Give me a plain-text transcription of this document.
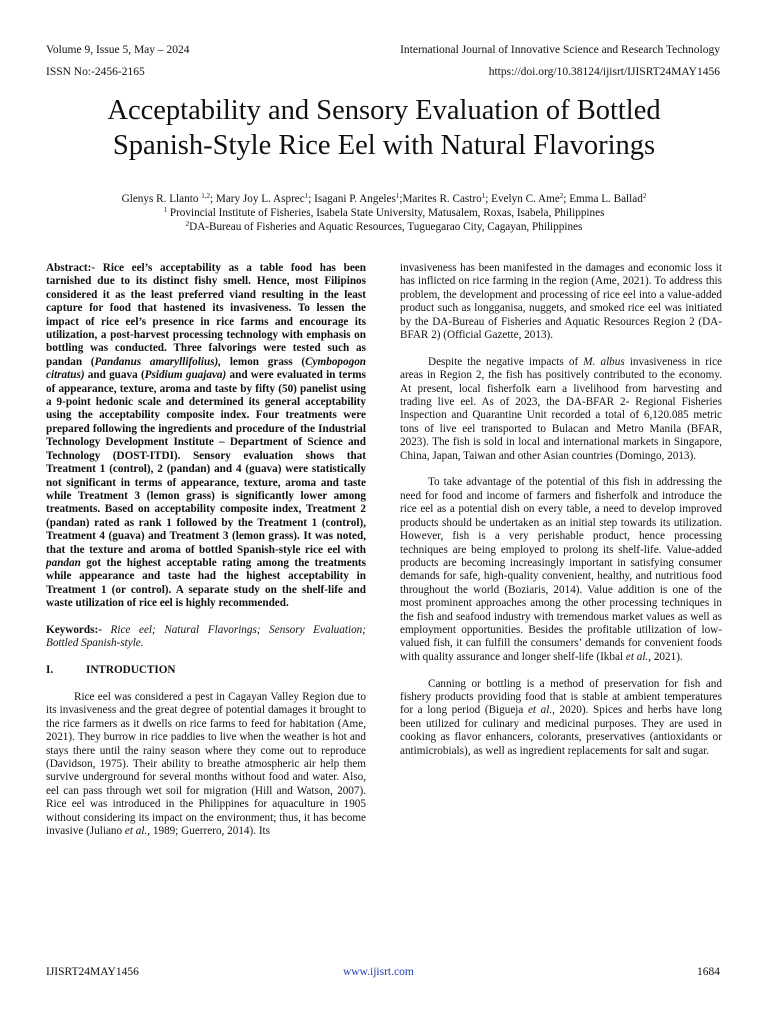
Volume 9, Issue 5, May – 2024
ISSN No:-2456-2165
International Journal of Innovative Science and Research Technology
https://doi.org/10.38124/ijisrt/IJISRT24MAY1456
Acceptability and Sensory Evaluation of Bottled
Spanish-Style Rice Eel with Natural Flavorings
Glenys R. Llanto $^{1,2}$; Mary Joy L. Asprec$^1$; Isagani P. Angeles$^1$;Marites R. Castro$^1$; Evelyn C. Ame$^2$; Emma L. Ballad$^2$
$^1$ Provincial Institute of Fisheries, Isabela State University, Matusalem, Roxas, Isabela, Philippines
$^2$DA-Bureau of Fisheries and Aquatic Resources, Tuguegarao City, Cagayan, Philippines

Abstract:- Rice eel’s acceptability as a table food has been tarnished due to its distinct fishy smell. Hence, most Filipinos considered it as the least preferred viand resulting in the least capture for food that hastened its invasiveness. To lessen the impact of rice eel’s presence in rice farms and encourage its utilization, a post-harvest processing technology with emphasis on bottling was conducted. Three falvorings were tested such as pandan (Pandanus amaryllifolius), lemon grass (Cymbopogon citratus) and guava (Psidium guajava) and were evaluated in terms of appearance, texture, aroma and taste by fifty (50) panelist using a 9-point hedonic scale and determined its general acceptability using the acceptability composite index. Four treatments were prepared following the ingredients and procedure of the Industrial Technology Development Institute – Department of Science and Technology (DOST-ITDI). Sensory evaluation shows that Treatment 1 (control), 2 (pandan) and 4 (guava) were statistically not significant in terms of appearance, texture, aroma and taste while Treatment 3 (lemon grass) is significantly lower among treatments. Based on acceptability composite index, Treatment 2 (pandan) rated as rank 1 followed by the Treatment 1 (control), Treatment 4 (guava) and Treatment 3 (lemon grass). It was noted, that the texture and aroma of bottled Spanish-style rice eel with pandan got the highest acceptable rating among the treatments while appearance and taste had the highest acceptability in Treatment 1 (or control). A separate study on the shelf-life and waste utilization of rice eel is highly recommended.

Keywords:- Rice eel; Natural Flavorings; Sensory Evaluation; Bottled Spanish-style.

I.	INTRODUCTION

Rice eel was considered a pest in Cagayan Valley Region due to its invasiveness and the great degree of potential damages it brought to the rice farmers as it dwells on rice farms to feed for habitation (Ame, 2021). They burrow in rice paddies to live when the weather is hot and stays there until the rainy season where they come out to reproduce (Davidson, 1975). Their ability to breathe atmospheric air help them survive underground for several months without food and water. Also, eel can pass through wet soil for migration (Hill and Watson, 2007). Rice eel was introduced in the Philippines for aquaculture in 1905 without considering its impact on the environment; thus, it has become invasive (Juliano et al., 1989; Guerrero, 2014). Its

invasiveness has been manifested in the damages and economic loss it has inflicted on rice farming in the region (Ame, 2021). To address this problem, the development and processing of rice eel into a value-added product such as longganisa, nuggets, and smoked rice eel was initiated by the DA-Bureau of Fisheries and Aquatic Resources Region 2 (DA-BFAR 2) (Official Gazette, 2013).

Despite the negative impacts of M. albus invasiveness in rice areas in Region 2, the fish has positively contributed to the economy. At present, local fisherfolk earn a livelihood from harvesting and trading live eel. As of 2023, the DA-BFAR 2- Regional Fisheries Inspection and Quarantine Unit recorded a total of 6,120.085 metric tons of live eel transported to Bulacan and Metro Manila (BFAR, 2023). The fish is sold in local and international markets in Singapore, China, Japan, Taiwan and other Asian countries (Domingo, 2013).

To take advantage of the potential of this fish in addressing the need for food and income of farmers and fisherfolk and introduce the rice eel as a potential dish on every table, a need to develop improved products should be undertaken as an initial step towards its utilization. However, fish is a very perishable product, hence processing techniques are being employed to prolong its shelf-life. Value-added products are becoming increasingly important in satisfying consumer demands for safe, high-quality convenient, healthy, and nutritious food throughout the world (Boziaris, 2014). Value addition is one of the most prominent approaches among the other processing techniques in the fish and seafood industry with tremendous market values as well as employment opportunities. Besides the profitable utilization of low-valued fish, it can fulfill the consumers’ demands for convenient foods with quality assurance and longer shelf-life (Ikbal et al., 2021).

Canning or bottling is a method of preservation for fish and fishery products providing food that is stable at ambient temperatures for a long period (Bigueja et al., 2020). Spices and herbs have long been utilized for culinary and medicinal purposes. They are used in cooking as flavor enhancers, colorants, preservatives (antioxidants or antimicrobials), as well as ingredient replacements for salt and sugar.

IJISRT24MAY1456	www.ijisrt.com	1684
